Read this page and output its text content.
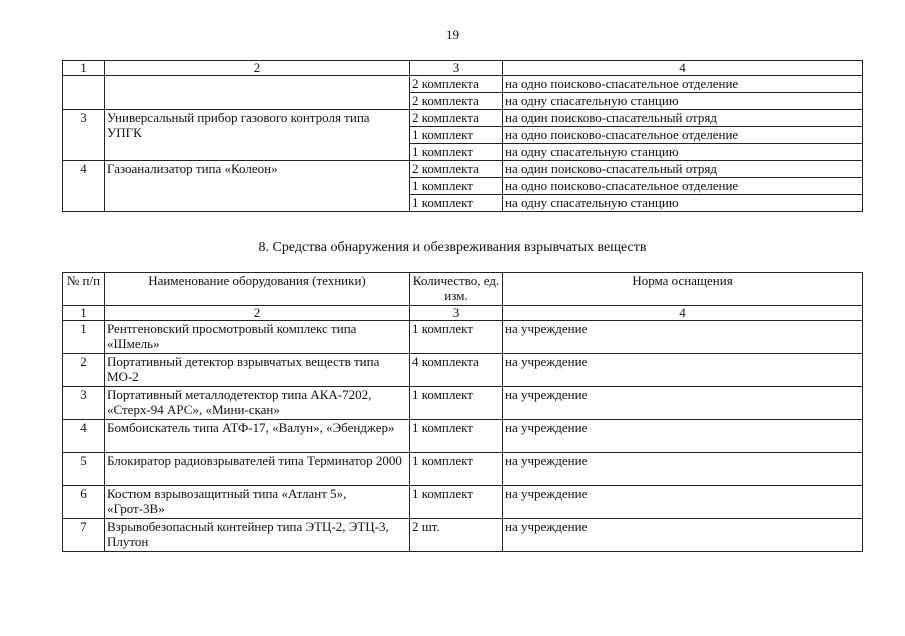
19
1	2	3	4
		2 комплекта	на одно поисково-спасательное отделение
		2 комплекта	на одну спасательную станцию
3	Универсальный прибор газового контроля типа УПГК	2 комплекта	на один поисково-спасательный отряд
		1 комплект	на одно поисково-спасательное отделение
		1 комплект	на одну спасательную станцию
4	Газоанализатор типа «Колеон»	2 комплекта	на один поисково-спасательный отряд
		1 комплект	на одно поисково-спасательное отделение
		1 комплект	на одну спасательную станцию
8. Средства обнаружения и обезвреживания взрывчатых веществ
№ п/п	Наименование оборудования (техники)	Количество, ед. изм.	Норма оснащения
1	2	3	4
1	Рентгеновский просмотровый комплекс типа «Шмель»	1 комплект	на учреждение
2	Портативный детектор взрывчатых веществ типа МО-2	4 комплекта	на учреждение
3	Портативный металлодетектор типа АКА-7202, «Стерх-94 АРС», «Мини-скан»	1 комплект	на учреждение
4	Бомбоискатель типа АТФ-17, «Валун», «Эбенджер»	1 комплект	на учреждение
5	Блокиратор радиовзрывателей типа Терминатор 2000	1 комплект	на учреждение
6	Костюм взрывозащитный типа «Атлант 5», «Грот-3В»	1 комплект	на учреждение
7	Взрывобезопасный контейнер типа ЭТЦ-2, ЭТЦ-3, Плутон	2 шт.	на учреждение
